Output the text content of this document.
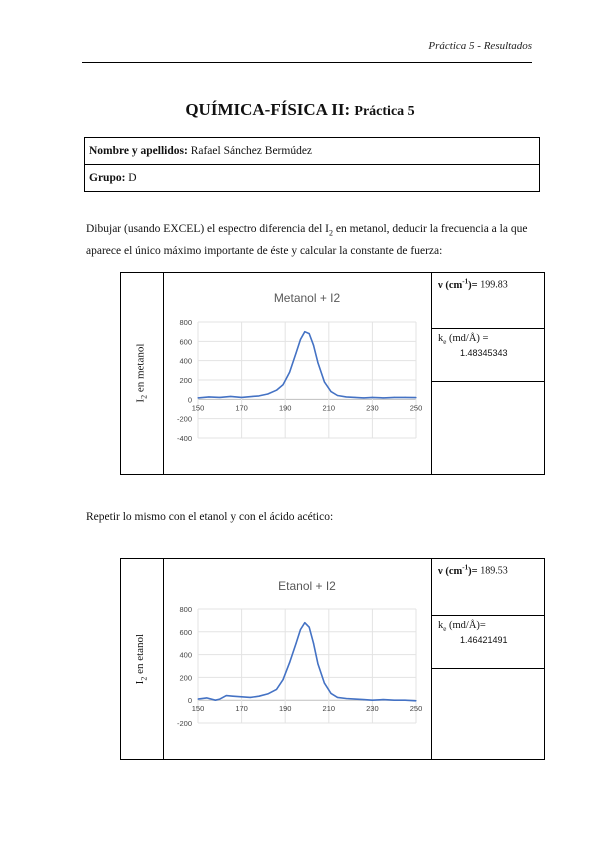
Práctica 5 - Resultados
QUÍMICA-FÍSICA II: Práctica 5
Nombre y apellidos: Rafael Sánchez Bermúdez
Grupo: D
Dibujar (usando EXCEL) el espectro diferencia del $I_2$ en metanol, deducir la frecuencia a la que aparece el único máximo importante de éste y calcular la constante de fuerza:
$I_2$ en metanol
Metanol + I2
-400
-200
0
200
400
600
800
150	170	190	210	230	250
ν $(cm^{-1})= 199.83$
$k_e$ (md/Å) =
1.48345343
Repetir lo mismo con el etanol y con el ácido acético:
$I_2$ en etanol
Etanol + I2
-200
0
200
400
600
800
150	170	190	210	230	250
ν $(cm^{-1})= 189.53$
$k_e$ (md/Å)=
1.46421491
